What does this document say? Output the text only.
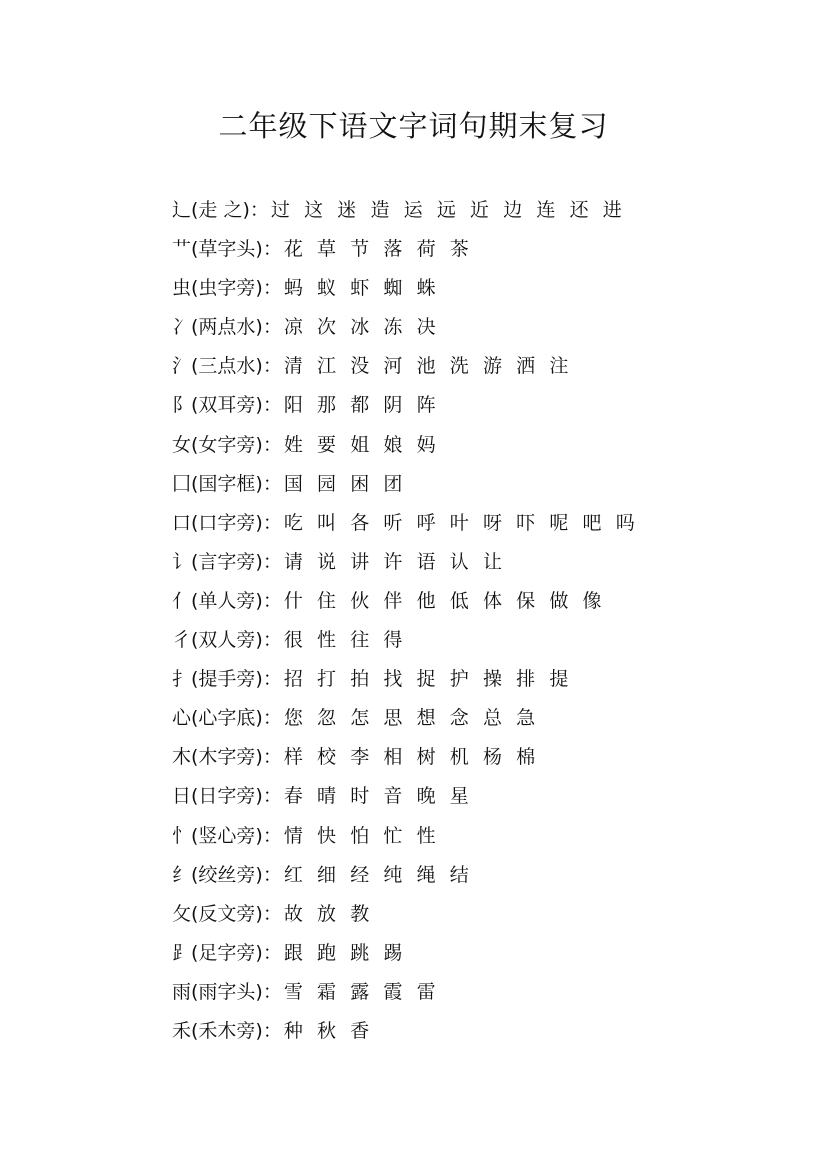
二年级下语文字词句期末复习
辶(走 之)： 过 这 迷 造 运 远 近 边 连 还 进
艹(草字头)： 花 草 节 落 荷 茶
虫(虫字旁)： 蚂 蚁 虾 蜘 蛛
冫(两点水)： 凉 次 冰 冻 决
氵(三点水)： 清 江 没 河 池 洗 游 洒 注
阝(双耳旁)： 阳 那 都 阴 阵
女(女字旁)： 姓 要 姐 娘 妈
囗(国字框)： 国 园 困 团
口(口字旁)： 吃 叫 各 听 呼 叶 呀 吓 呢 吧 吗
讠(言字旁)： 请 说 讲 许 语 认 让
亻(单人旁)： 什 住 伙 伴 他 低 体 保 做 像
彳(双人旁)： 很 性 往 得
扌(提手旁)： 招 打 拍 找 捉 护 操 排 提
心(心字底)： 您 忽 怎 思 想 念 总 急
木(木字旁)： 样 校 李 相 树 机 杨 棉
日(日字旁)： 春 晴 时 音 晚 星
忄(竖心旁)： 情 快 怕 忙 性
纟(绞丝旁)： 红 细 经 纯 绳 结
攵(反文旁)： 故 放 教
⻊(足字旁)： 跟 跑 跳 踢
雨(雨字头)： 雪 霜 露 霞 雷
禾(禾木旁)： 种 秋 香
